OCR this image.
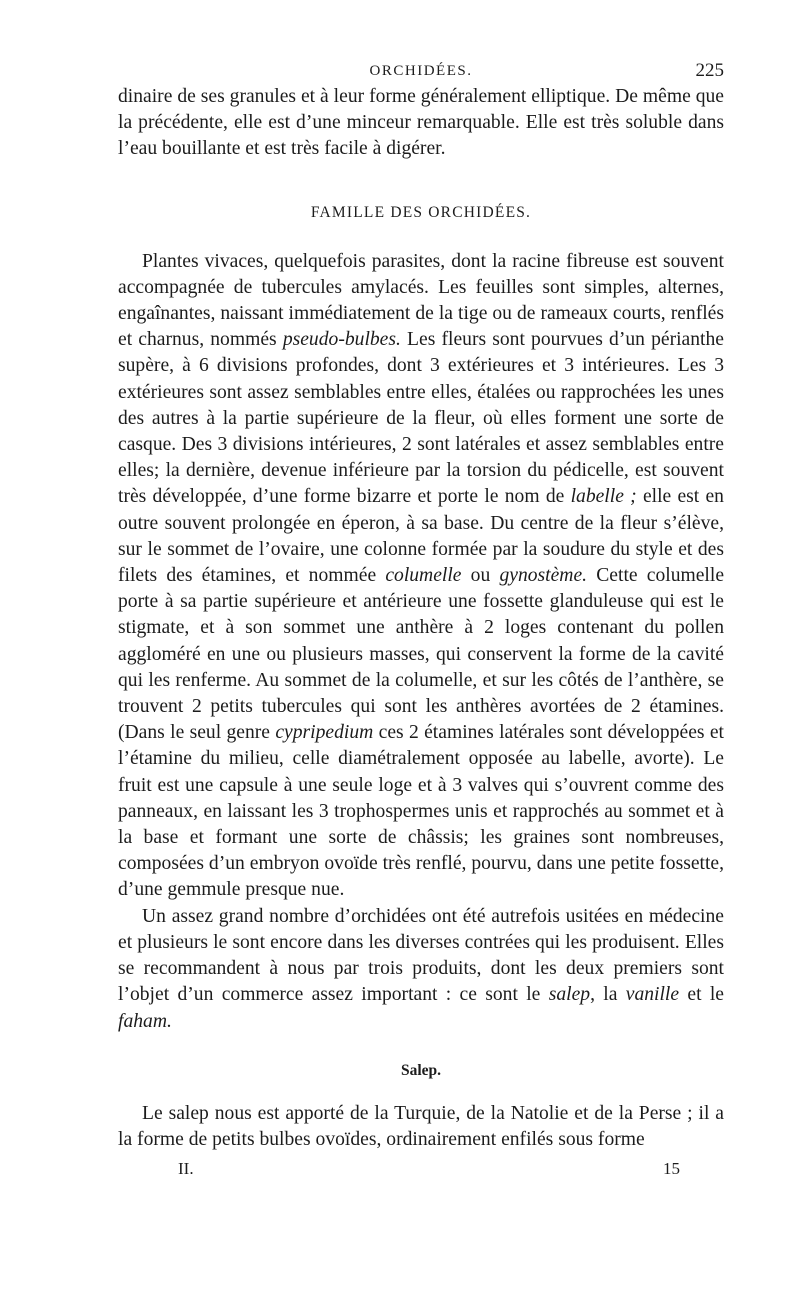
ORCHIDÉES.	225

dinaire de ses granules et à leur forme généralement elliptique. De même que la précédente, elle est d’une minceur remarquable. Elle est très soluble dans l’eau bouillante et est très facile à digérer.

FAMILLE DES ORCHIDÉES.

Plantes vivaces, quelquefois parasites, dont la racine fibreuse est souvent accompagnée de tubercules amylacés. Les feuilles sont simples, alternes, engaînantes, naissant immédiatement de la tige ou de rameaux courts, renflés et charnus, nommés pseudo-bulbes. Les fleurs sont pourvues d’un périanthe supère, à 6 divisions profondes, dont 3 extérieures et 3 intérieures. Les 3 extérieures sont assez semblables entre elles, étalées ou rapprochées les unes des autres à la partie supérieure de la fleur, où elles forment une sorte de casque. Des 3 divisions intérieures, 2 sont latérales et assez semblables entre elles; la dernière, devenue inférieure par la torsion du pédicelle, est souvent très développée, d’une forme bizarre et porte le nom de labelle ; elle est en outre souvent prolongée en éperon, à sa base. Du centre de la fleur s’élève, sur le sommet de l’ovaire, une colonne formée par la soudure du style et des filets des étamines, et nommée columelle ou gynostème. Cette columelle porte à sa partie supérieure et antérieure une fossette glanduleuse qui est le stigmate, et à son sommet une anthère à 2 loges contenant du pollen aggloméré en une ou plusieurs masses, qui conservent la forme de la cavité qui les renferme. Au sommet de la columelle, et sur les côtés de l’anthère, se trouvent 2 petits tubercules qui sont les anthères avortées de 2 étamines. (Dans le seul genre cypripedium ces 2 étamines latérales sont développées et l’étamine du milieu, celle diamétralement opposée au labelle, avorte). Le fruit est une capsule à une seule loge et à 3 valves qui s’ouvrent comme des panneaux, en laissant les 3 trophospermes unis et rapprochés au sommet et à la base et formant une sorte de châssis; les graines sont nombreuses, composées d’un embryon ovoïde très renflé, pourvu, dans une petite fossette, d’une gemmule presque nue.

Un assez grand nombre d’orchidées ont été autrefois usitées en médecine et plusieurs le sont encore dans les diverses contrées qui les produisent. Elles se recommandent à nous par trois produits, dont les deux premiers sont l’objet d’un commerce assez important : ce sont le salep, la vanille et le faham.

Salep.

Le salep nous est apporté de la Turquie, de la Natolie et de la Perse ; il a la forme de petits bulbes ovoïdes, ordinairement enfilés sous forme

II.	15
